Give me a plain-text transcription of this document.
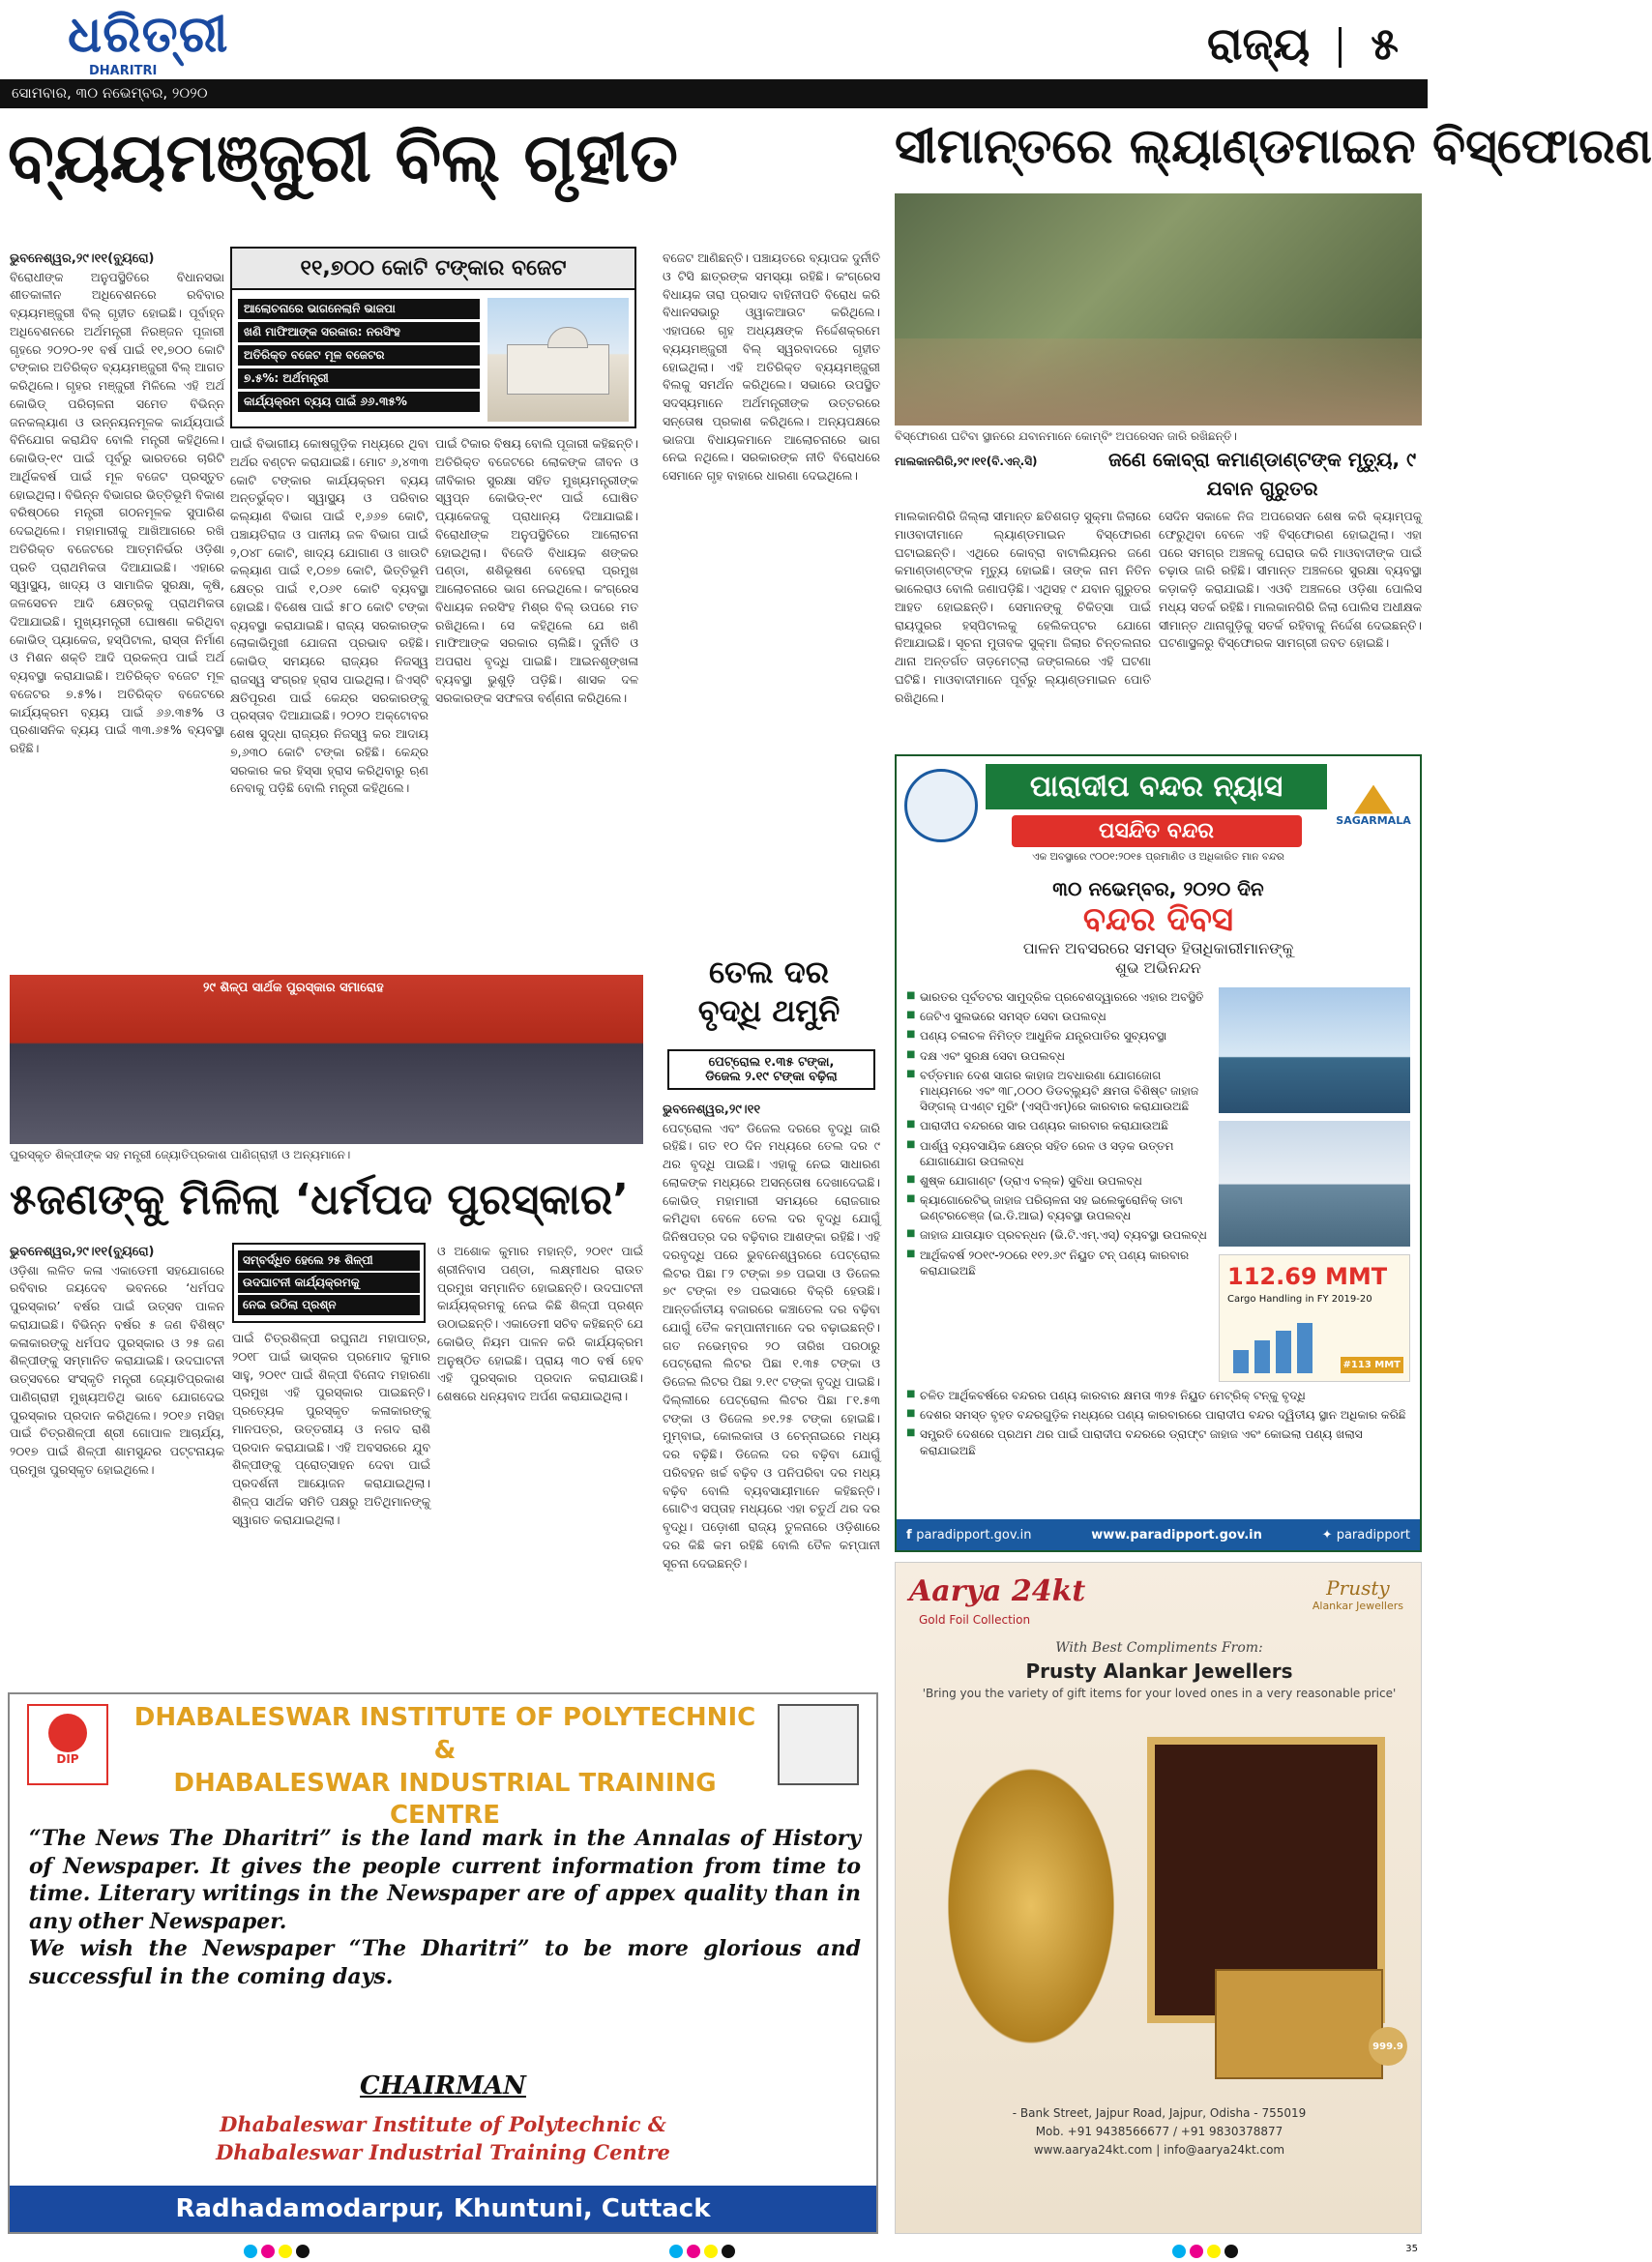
ଧରିତ୍ରୀ
DHARITRI
ରାଜ୍ୟ ୫
ସୋମବାର, ୩୦ ନଭେମ୍ବର, ୨୦୨୦
ବ୍ୟୟମଞ୍ଜୁରୀ ବିଲ୍ ଗୃହୀତ
ଭୁବନେଶ୍ୱର,୨୯।୧୧(ବ୍ୟୁରୋ)
ବିରୋଧୀଙ୍କ ଅନୁପସ୍ଥିତିରେ ବିଧାନସଭା ଶୀତକାଳୀନ ଅଧିବେଶନରେ ରବିବାର ବ୍ୟୟମଞ୍ଜୁରୀ ବିଲ୍ ଗୃହୀତ ହୋଇଛି। ପୂର୍ବାହ୍ନ ଅଧିବେଶନରେ ଅର୍ଥମନ୍ତ୍ରୀ ନିରଞ୍ଜନ ପୂଜାରୀ ଗୃହରେ ୨୦୨୦-୨୧ ବର୍ଷ ପାଇଁ ୧୧,୭୦୦ କୋଟି ଟଙ୍କାର ଅତିରିକ୍ତ ବ୍ୟୟମଞ୍ଜୁରୀ ବିଲ୍ ଆଗତ କରିଥିଲେ। ଗୃହର ମଞ୍ଜୁରୀ ମିଳିଲେ ଏହି ଅର୍ଥ କୋଭିଡ୍ ପରିଚାଳନା ସମେତ ବିଭିନ୍ନ ଜନକଲ୍ୟାଣ ଓ ଉନ୍ନୟନମୂଳକ କାର୍ଯ୍ୟପାଇଁ ବିନିଯୋଗ କରାଯିବ ବୋଲି ମନ୍ତ୍ରୀ କହିଥିଲେ। କୋଭିଡ୍-୧୯ ପାଇଁ ପୂର୍ବରୁ ଭାରତରେ ଚାରିଟି ଆର୍ଥିକବର୍ଷ ପାଇଁ ମୂଳ ବଜେଟ ପ୍ରସ୍ତୁତ ହୋଇଥିଲା। ବିଭିନ୍ନ ବିଭାଗର ଭିତ୍ତିଭୂମି ବିକାଶ ବରିଷ୍ଠରେ ମନ୍ତ୍ରୀ ଗଠନମୂଳକ ସୁପାରିଶ ଦେଇଥିଲେ। ମହାମାରୀକୁ ଆଖିଆଗରେ ରଖି ଅତିରିକ୍ତ ବଜେଟରେ ଆତ୍ମନିର୍ଭର ଓଡ଼ିଶା ପ୍ରତି ପ୍ରାଥମିକତା ଦିଆଯାଇଛି। ଏହାରେ ସ୍ୱାସ୍ଥ୍ୟ, ଖାଦ୍ୟ ଓ ସାମାଜିକ ସୁରକ୍ଷା, କୃଷି, ଜଳସେଚନ ଆଦି କ୍ଷେତ୍ରକୁ ପ୍ରାଥମିକତା ଦିଆଯାଇଛି। ମୁଖ୍ୟମନ୍ତ୍ରୀ ଘୋଷଣା କରିଥିବା କୋଭିଡ୍ ପ୍ୟାକେଜ, ହସ୍ପିଟାଲ, ରାସ୍ତା ନିର୍ମାଣ ଓ ମିଶନ ଶକ୍ତି ଆଦି ପ୍ରକଳ୍ପ ପାଇଁ ଅର୍ଥ ବ୍ୟବସ୍ଥା କରାଯାଇଛି। ଅତିରିକ୍ତ ବଜେଟ ମୂଳ ବଜେଟର ୭.୫%। ଅତିରିକ୍ତ ବଜେଟରେ କାର୍ଯ୍ୟକ୍ରମ ବ୍ୟୟ ପାଇଁ ୬୬.୩୫% ଓ ପ୍ରଶାସନିକ ବ୍ୟୟ ପାଇଁ ୩୩.୬୫% ବ୍ୟବସ୍ଥା ରହିଛି।
୧୧,୭୦୦ କୋଟି ଟଙ୍କାର ବଜେଟ
ଆଲୋଚନାରେ ଭାଗନେଲାନି ଭାଜପା
ଖଣି ମାଫିଆଙ୍କ ସରକାର: ନରସିଂହ
ଅତିରିକ୍ତ ବଜେଟ ମୂଳ ବଜେଟର
୭.୫%: ଅର୍ଥମନ୍ତ୍ରୀ
କାର୍ଯ୍ୟକ୍ରମ ବ୍ୟୟ ପାଇଁ ୬୬.୩୫%
ପାଇଁ ବିଭାଗୀୟ କୋଷଗୁଡ଼ିକ ମଧ୍ୟରେ ଥିବା ଅର୍ଥର ବଣ୍ଟନ କରାଯାଇଛି। ମୋଟ ୬,୪୩୩ କୋଟି ଟଙ୍କାର କାର୍ଯ୍ୟକ୍ରମ ବ୍ୟୟ ଅନ୍ତର୍ଭୁକ୍ତ। ସ୍ୱାସ୍ଥ୍ୟ ଓ ପରିବାର କଲ୍ୟାଣ ବିଭାଗ ପାଇଁ ୧,୬୬୭ କୋଟି, ପଞ୍ଚାୟତିରାଜ ଓ ପାନୀୟ ଜଳ ବିଭାଗ ପାଇଁ ୨,୦୪୮ କୋଟି, ଖାଦ୍ୟ ଯୋଗାଣ ଓ ଖାଉଟି କଲ୍ୟାଣ ପାଇଁ ୧,୦୭୭ କୋଟି, ଭିତ୍ତିଭୂମି କ୍ଷେତ୍ର ପାଇଁ ୧,୦୬୧ କୋଟି ବ୍ୟବସ୍ଥା ହୋଇଛି। ବିଶେଷ ପାଇଁ ୫୮୦ କୋଟି ଟଙ୍କା ବ୍ୟବସ୍ଥା କରାଯାଇଛି। ରାଜ୍ୟ ସରକାରଙ୍କ ଲୋକାଭିମୁଖୀ ଯୋଜନା ପ୍ରଭାବ ରହିଛି। କୋଭିଡ୍ ସମୟରେ ରାଜ୍ୟର ନିଜସ୍ୱ ରାଜସ୍ୱ ସଂଗ୍ରହ ହ୍ରାସ ପାଇଥିଲା। ଜିଏସ୍ଟି କ୍ଷତିପୂରଣ ପାଇଁ କେନ୍ଦ୍ର ସରକାରଙ୍କୁ ପ୍ରସ୍ତାବ ଦିଆଯାଇଛି। ୨୦୨୦ ଅକ୍ଟୋବର ଶେଷ ସୁଦ୍ଧା ରାଜ୍ୟର ନିଜସ୍ୱ କର ଆଦାୟ ୭,୬୩୦ କୋଟି ଟଙ୍କା ରହିଛି। କେନ୍ଦ୍ର ସରକାର କର ହିସ୍ସା ହ୍ରାସ କରିଥିବାରୁ ଋଣ ନେବାକୁ ପଡ଼ିଛି ବୋଲି ମନ୍ତ୍ରୀ କହିଥିଲେ।
ପାଇଁ ଟିକାର ବିଷୟ ବୋଲି ପୂଜାରୀ କହିଛନ୍ତି। ଅତିରିକ୍ତ ବଜେଟରେ ଲୋକଙ୍କ ଜୀବନ ଓ ଜୀବିକାର ସୁରକ୍ଷା ସହିତ ମୁଖ୍ୟମନ୍ତ୍ରୀଙ୍କ ସ୍ୱପ୍ନ କୋଭିଡ୍-୧୯ ପାଇଁ ଘୋଷିତ ପ୍ୟାକେଜକୁ ପ୍ରାଧାନ୍ୟ ଦିଆଯାଇଛି। ବିରୋଧୀଙ୍କ ଅନୁପସ୍ଥିତିରେ ଆଲୋଚନା ହୋଇଥିଲା। ବିଜେଡି ବିଧାୟକ ଶଙ୍କର ପଣ୍ଡା, ଶଶିଭୂଷଣ ବେହେରା ପ୍ରମୁଖ ଆଲୋଚନାରେ ଭାଗ ନେଇଥିଲେ। କଂଗ୍ରେସ ବିଧାୟକ ନରସିଂହ ମିଶ୍ର ବିଲ୍ ଉପରେ ମତ ରଖିଥିଲେ। ସେ କହିଥିଲେ ଯେ ଖଣି ମାଫିଆଙ୍କ ସରକାର ଚାଲିଛି। ଦୁର୍ନୀତି ଓ ଅପରାଧ ବୃଦ୍ଧି ପାଇଛି। ଆଇନଶୃଙ୍ଖଳା ବ୍ୟବସ୍ଥା ଭୁଶୁଡ଼ି ପଡ଼ିଛି। ଶାସକ ଦଳ ସରକାରଙ୍କ ସଫଳତା ବର୍ଣ୍ଣନା କରିଥିଲେ।
ବଜେଟ ଆଣିଛନ୍ତି। ପଞ୍ଚାୟତରେ ବ୍ୟାପକ ଦୁର୍ନୀତି ଓ ଟିସି ଛାତ୍ରଙ୍କ ସମସ୍ୟା ରହିଛି। କଂଗ୍ରେସ ବିଧାୟକ ତାରା ପ୍ରସାଦ ବାହିନୀପତି ବିରୋଧ କରି ବିଧାନସଭାରୁ ଓ୍ୱାକଆଉଟ କରିଥିଲେ। ଏହାପରେ ଗୃହ ଅଧ୍ୟକ୍ଷଙ୍କ ନିର୍ଦ୍ଦେଶକ୍ରମେ ବ୍ୟୟମଞ୍ଜୁରୀ ବିଲ୍ ସ୍ୱରବାଦରେ ଗୃହୀତ ହୋଇଥିଲା। ଏହି ଅତିରିକ୍ତ ବ୍ୟୟମଞ୍ଜୁରୀ ବିଲକୁ ସମର୍ଥନ କରିଥିଲେ। ସଭାରେ ଉପସ୍ଥିତ ସଦସ୍ୟମାନେ ଅର୍ଥମନ୍ତ୍ରୀଙ୍କ ଉତ୍ତରରେ ସନ୍ତୋଷ ପ୍ରକାଶ କରିଥିଲେ। ଅନ୍ୟପକ୍ଷରେ ଭାଜପା ବିଧାୟକମାନେ ଆଲୋଚନାରେ ଭାଗ ନେଇ ନଥିଲେ। ସରକାରଙ୍କ ନୀତି ବିରୋଧରେ ସେମାନେ ଗୃହ ବାହାରେ ଧାରଣା ଦେଇଥିଲେ।
ସୀମାନ୍ତରେ ଲ୍ୟାଣ୍ଡମାଇନ ବିସ୍ଫୋରଣ
ବିସ୍ଫୋରଣ ଘଟିବା ସ୍ଥାନରେ ଯବାନମାନେ କୋମ୍ବିଂ ଅପରେସନ ଜାରି ରଖିଛନ୍ତି।
ମାଲକାନଗିରି,୨୯।୧୧(ବି.ଏନ୍.ସି)	ଜଣେ କୋବ୍ରା କମାଣ୍ଡାଣ୍ଟଙ୍କ ମୃତ୍ୟୁ, ୯ ଯବାନ ଗୁରୁତର
ମାଲକାନଗିରି ଜିଲ୍ଲା ସୀମାନ୍ତ ଛତିଶଗଡ଼ ସୁକ୍ମା ଜିଲାରେ ମାଓବାଦୀମାନେ ଲ୍ୟାଣ୍ଡମାଇନ ବିସ୍ଫୋରଣ ଘଟାଇଛନ୍ତି। ଏଥିରେ କୋବ୍ରା ବାଟାଲିୟନର ଜଣେ କମାଣ୍ଡାଣ୍ଟଙ୍କ ମୃତ୍ୟୁ ହୋଇଛି। ତାଙ୍କ ନାମ ନିତିନ ଭାଲେରାଓ ବୋଲି ଜଣାପଡ଼ିଛି। ଏଥିସହ ୯ ଯବାନ ଗୁରୁତର ଆହତ ହୋଇଛନ୍ତି। ସେମାନଙ୍କୁ ଚିକିତ୍ସା ପାଇଁ ରାୟପୁରର ହସ୍ପିଟାଲକୁ ହେଲିକପ୍ଟର ଯୋଗେ ନିଆଯାଇଛି। ସୂଚନା ମୁତାବକ ସୁକ୍ମା ଜିଲାର ଚିନ୍ତଲନାର ଥାନା ଅନ୍ତର୍ଗତ ତାଡ଼ମେଟ୍ଲା ଜଙ୍ଗଲରେ ଏହି ଘଟଣା ଘଟିଛି। ମାଓବାଦୀମାନେ ପୂର୍ବରୁ ଲ୍ୟାଣ୍ଡମାଇନ ପୋତି ରଖିଥିଲେ।
ସେଦିନ ସକାଳେ ନିଜ ଅପରେସନ ଶେଷ କରି କ୍ୟାମ୍ପକୁ ଫେରୁଥିବା ବେଳେ ଏହି ବିସ୍ଫୋରଣ ହୋଇଥିଲା। ଏହା ପରେ ସମଗ୍ର ଅଞ୍ଚଳକୁ ଘେରାଉ କରି ମାଓବାଦୀଙ୍କ ପାଇଁ ଚଢ଼ାଉ ଜାରି ରହିଛି। ସୀମାନ୍ତ ଅଞ୍ଚଳରେ ସୁରକ୍ଷା ବ୍ୟବସ୍ଥା କଡ଼ାକଡ଼ି କରାଯାଇଛି। ଏଓବି ଅଞ୍ଚଳରେ ଓଡ଼ିଶା ପୋଲିସ ମଧ୍ୟ ସତର୍କ ରହିଛି। ମାଲକାନଗିରି ଜିଲା ପୋଲିସ ଅଧୀକ୍ଷକ ସୀମାନ୍ତ ଥାନାଗୁଡ଼ିକୁ ସତର୍କ ରହିବାକୁ ନିର୍ଦ୍ଦେଶ ଦେଇଛନ୍ତି। ଘଟଣାସ୍ଥଳରୁ ବିସ୍ଫୋରକ ସାମଗ୍ରୀ ଜବତ ହୋଇଛି।
ପାରାଦୀପ ବନ୍ଦର ନ୍ୟାସ
ପସନ୍ଦିତ ବନ୍ଦର	SAGARMALA
ଏକ ଅବସ୍ଥାରେ ୯୦୦୧:୨୦୧୫ ପ୍ରମାଣିତ ଓ ଅଧିକାରିତ ମାନ ବନ୍ଦର
୩୦ ନଭେମ୍ବର, ୨୦୨୦ ଦିନ
ବନ୍ଦର ଦିବସ
ପାଳନ ଅବସରରେ ସମସ୍ତ ହିତାଧିକାରୀମାନଙ୍କୁ
ଶୁଭ ଅଭିନନ୍ଦନ
■ ଭାରତର ପୂର୍ବତଟର ସାମୁଦ୍ରିକ ପ୍ରବେଶଦ୍ୱାରରେ ଏହାର ଅବସ୍ଥିତି
■ ଜେଟିଏ ସୁଲଭରେ ସମସ୍ତ ସେବା ଉପଲବ୍ଧ
■ ପଣ୍ୟ ଚଳାଚଳ ନିମିତ୍ତ ଆଧୁନିକ ଯନ୍ତ୍ରପାତିର ସୁବ୍ୟବସ୍ଥା
■ ଦକ୍ଷ ଏବଂ ସୁରକ୍ଷ ସେବା ଉପଲବ୍ଧ
■ ବର୍ତ୍ତମାନ ଦେଶ ସାଗର କାହାଜ ଅବଧାରଣା ଯୋଗଜୋଗ ମାଧ୍ୟମରେ ଏବଂ ୩୮,୦୦୦ ଡିଡବ୍ଲ୍ୟୁଟି କ୍ଷମତା ବିଶିଷ୍ଟ ଜାହାଜ ସିଙ୍ଗଲ୍ ପଏଣ୍ଟ ମୁରିଂ (ଏସ୍‌ପିଏମ୍)ରେ କାରବାର କରାଯାଉଅଛି
■ ପାରାଦୀପ ବନ୍ଦରରେ ସାର ପଣ୍ୟର କାରବାର କରାଯାଉଅଛି
■ ପାର୍ଶ୍ୱ ବ୍ୟବସାୟିକ କ୍ଷେତ୍ର ସହିତ ରେଳ ଓ ସଡ଼କ ଉତ୍ତମ ଯୋଗାଯୋଗ ଉପଲବ୍ଧ
■ ଶୁଷ୍କ ଯୋଗାଣ୍ଟ (ଡ୍ରାଏ ବଲ୍କ) ସୁବିଧା ଉପଲବ୍ଧ
■ କ୍ୟାଗୋରେଟିଭ୍ ଜାହାଜ ପରିଚାଳନା ସହ ଇଲେକ୍ଟ୍ରୋନିକ୍ ଡାଟା ଇଣ୍ଟରଚେଞ୍ଜ (ଇ.ଡି.ଆଇ) ବ୍ୟବସ୍ଥା ଉପଲବ୍ଧ
■ ଜାହାଜ ଯାତାୟାତ ପ୍ରବନ୍ଧନ (ଭି.ଟି.ଏମ୍.ଏସ୍) ବ୍ୟବସ୍ଥା ଉପଲବ୍ଧ
■ ଆର୍ଥିକବର୍ଷ ୨୦୧୯-୨୦ରେ ୧୧୨.୬୯ ନିୟୁତ ଟନ୍ ପଣ୍ୟ କାରବାର କରାଯାଇଅଛି	112.69 MMT
Cargo Handling in FY 2019-20
#113 MMT
■ ଚଳିତ ଆର୍ଥିକବର୍ଷରେ ବନ୍ଦରର ପଣ୍ୟ କାରବାର କ୍ଷମତା ୩୨୫ ନିୟୁତ ମେଟ୍ରିକ୍ ଟନ୍‌କୁ ବୃଦ୍ଧି
■ ଦେଶର ସମସ୍ତ ବୃହତ ବନ୍ଦରଗୁଡ଼ିକ ମଧ୍ୟରେ ପଣ୍ୟ କାରବାରରେ ପାରାଦୀପ ବନ୍ଦର ଦ୍ୱିତୀୟ ସ୍ଥାନ ଅଧିକାର କରିଛି
■ ସମ୍ପ୍ରତି ଦେଶରେ ପ୍ରଥମ ଥର ପାଇଁ ପାରାଦୀପ ବନ୍ଦରରେ ଡ୍ରାଫ୍ଟ ଜାହାଜ ଏବଂ କୋଇଲା ପଣ୍ୟ ଖଲାସ କରାଯାଇଅଛି
f paradipport.gov.in	www.paradipport.gov.in	✦ paradipport
୨୯ ଶିଳ୍ପ ସାର୍ଥକ ପୁରସ୍କାର ସମାରୋହ
ପୁରସ୍କୃତ ଶିଳ୍ପୀଙ୍କ ସହ ମନ୍ତ୍ରୀ ଜ୍ୟୋତିପ୍ରକାଶ ପାଣିଗ୍ରାହୀ ଓ ଅନ୍ୟମାନେ।
୫ଜଣଙ୍କୁ ମିଳିଲା ‘ଧର୍ମପଦ ପୁରସ୍କାର’
ଭୁବନେଶ୍ୱର,୨୯।୧୧(ବ୍ୟୁରୋ)
ଓଡ଼ିଶା ଲଳିତ କଳା ଏକାଡେମୀ ସହଯୋଗରେ ରବିବାର ଜୟଦେବ ଭବନରେ ‘ଧର୍ମପଦ ପୁରସ୍କାର’ ବର୍ଷର ପାଇଁ ଉତ୍ସବ ପାଳନ କରାଯାଇଛି। ବିଭିନ୍ନ ବର୍ଷର ୫ ଜଣ ବିଶିଷ୍ଟ କଳାକାରଙ୍କୁ ଧର୍ମପଦ ପୁରସ୍କାର ଓ ୨୫ ଜଣ ଶିଳ୍ପୀଙ୍କୁ ସମ୍ମାନିତ କରାଯାଇଛି। ଉଦଘାଟନୀ ଉତ୍ସବରେ ସଂସ୍କୃତି ମନ୍ତ୍ରୀ ଜ୍ୟୋତିପ୍ରକାଶ ପାଣିଗ୍ରାହୀ ମୁଖ୍ୟଅତିଥି ଭାବେ ଯୋଗଦେଇ ପୁରସ୍କାର ପ୍ରଦାନ କରିଥିଲେ। ୨୦୧୬ ମସିହା ପାଇଁ ଚିତ୍ରଶିଳ୍ପୀ ଶ୍ରୀ ଗୋପାଳ ଆଚାର୍ଯ୍ୟ, ୨୦୧୭ ପାଇଁ ଶିଳ୍ପୀ ଶାମସୁନ୍ଦର ପଟ୍ଟନାୟକ ପ୍ରମୁଖ ପୁରସ୍କୃତ ହୋଇଥିଲେ।
ସମ୍ବର୍ଦ୍ଧିତ ହେଲେ ୨୫ ଶିଳ୍ପୀ
ଉଦଘାଟନୀ କାର୍ଯ୍ୟକ୍ରମକୁ
ନେଇ ଉଠିଲା ପ୍ରଶ୍ନ
ପାଇଁ ଚିତ୍ରଶିଳ୍ପୀ ରଘୁନାଥ ମହାପାତ୍ର, ୨୦୧୮ ପାଇଁ ଭାସ୍କର ପ୍ରମୋଦ କୁମାର ସାହୁ, ୨୦୧୯ ପାଇଁ ଶିଳ୍ପୀ ବିନୋଦ ମହାରଣା ପ୍ରମୁଖ ଏହି ପୁରସ୍କାର ପାଇଛନ୍ତି। ପ୍ରତ୍ୟେକ ପୁରସ୍କୃତ କଳାକାରଙ୍କୁ ମାନପତ୍ର, ଉତ୍ତରୀୟ ଓ ନଗଦ ରାଶି ପ୍ରଦାନ କରାଯାଇଛି। ଏହି ଅବସରରେ ଯୁବ ଶିଳ୍ପୀଙ୍କୁ ପ୍ରୋତ୍ସାହନ ଦେବା ପାଇଁ ପ୍ରଦର୍ଶନୀ ଆୟୋଜନ କରାଯାଇଥିଲା। ଶିଳ୍ପ ସାର୍ଥକ ସମିତି ପକ୍ଷରୁ ଅତିଥିମାନଙ୍କୁ ସ୍ୱାଗତ କରାଯାଇଥିଲା।
ଓ ଅଶୋକ କୁମାର ମହାନ୍ତି, ୨୦୧୯ ପାଇଁ ଶ୍ରୀନିବାସ ପଣ୍ଡା, ଲକ୍ଷ୍ମୀଧର ରାଉତ ପ୍ରମୁଖ ସମ୍ମାନିତ ହୋଇଛନ୍ତି। ଉଦଘାଟନୀ କାର୍ଯ୍ୟକ୍ରମକୁ ନେଇ କିଛି ଶିଳ୍ପୀ ପ୍ରଶ୍ନ ଉଠାଇଛନ୍ତି। ଏକାଡେମୀ ସଚିବ କହିଛନ୍ତି ଯେ କୋଭିଡ୍ ନିୟମ ପାଳନ କରି କାର୍ଯ୍ୟକ୍ରମ ଅନୁଷ୍ଠିତ ହୋଇଛି। ପ୍ରାୟ ୩୦ ବର୍ଷ ହେବ ଏହି ପୁରସ୍କାର ପ୍ରଦାନ କରାଯାଉଛି। ଶେଷରେ ଧନ୍ୟବାଦ ଅର୍ପଣ କରାଯାଇଥିଲା।
ତେଲ ଦର
ବୃଦ୍ଧି ଥମୁନି
ପେଟ୍ରୋଲ ୧.୩୫ ଟଙ୍କା,
ଡିଜେଲ ୨.୧୯ ଟଙ୍କା ବଢ଼ିଲା
ଭୁବନେଶ୍ୱର,୨୯।୧୧
ପେଟ୍ରୋଲ ଏବଂ ଡିଜେଲ ଦରରେ ବୃଦ୍ଧି ଜାରି ରହିଛି। ଗତ ୧୦ ଦିନ ମଧ୍ୟରେ ତେଲ ଦର ୯ ଥର ବୃଦ୍ଧି ପାଇଛି। ଏହାକୁ ନେଇ ସାଧାରଣ ଲୋକଙ୍କ ମଧ୍ୟରେ ଅସନ୍ତୋଷ ଦେଖାଦେଇଛି। କୋଭିଡ୍ ମହାମାରୀ ସମୟରେ ରୋଜଗାର କମିଥିବା ବେଳେ ତେଲ ଦର ବୃଦ୍ଧି ଯୋଗୁଁ ଜିନିଷପତ୍ର ଦର ବଢ଼ିବାର ଆଶଙ୍କା ରହିଛି। ଏହି ଦରବୃଦ୍ଧି ପରେ ଭୁବନେଶ୍ୱରରେ ପେଟ୍ରୋଲ ଲିଟର ପିଛା ୮୨ ଟଙ୍କା ୭୭ ପଇସା ଓ ଡିଜେଲ ୭୯ ଟଙ୍କା ୧୭ ପଇସାରେ ବିକ୍ରି ହେଉଛି। ଆନ୍ତର୍ଜାତୀୟ ବଜାରରେ କଞ୍ଚାତେଲ ଦର ବଢ଼ିବା ଯୋଗୁଁ ତୈଳ କମ୍ପାନୀମାନେ ଦର ବଢ଼ାଇଛନ୍ତି। ଗତ ନଭେମ୍ବର ୨୦ ତାରିଖ ପରଠାରୁ ପେଟ୍ରୋଲ ଲିଟର ପିଛା ୧.୩୫ ଟଙ୍କା ଓ ଡିଜେଲ ଲିଟର ପିଛା ୨.୧୯ ଟଙ୍କା ବୃଦ୍ଧି ପାଇଛି। ଦିଲ୍ଲୀରେ ପେଟ୍ରୋଲ ଲିଟର ପିଛା ୮୧.୫୩ ଟଙ୍କା ଓ ଡିଜେଲ ୭୧.୨୫ ଟଙ୍କା ହୋଇଛି। ମୁମ୍ବାଇ, କୋଲକାତା ଓ ଚେନ୍ନାଇରେ ମଧ୍ୟ ଦର ବଢ଼ିଛି। ଡିଜେଲ ଦର ବଢ଼ିବା ଯୋଗୁଁ ପରିବହନ ଖର୍ଚ୍ଚ ବଢ଼ିବ ଓ ପନିପରିବା ଦର ମଧ୍ୟ ବଢ଼ିବ ବୋଲି ବ୍ୟବସାୟୀମାନେ କହିଛନ୍ତି। ଗୋଟିଏ ସପ୍ତାହ ମଧ୍ୟରେ ଏହା ଚତୁର୍ଥ ଥର ଦର ବୃଦ୍ଧି। ପଡ଼ୋଶୀ ରାଜ୍ୟ ତୁଳନାରେ ଓଡ଼ିଶାରେ ଦର କିଛି କମ ରହିଛି ବୋଲି ତୈଳ କମ୍ପାନୀ ସୂଚନା ଦେଇଛନ୍ତି।
DIP
DHABALESWAR INSTITUTE OF POLYTECHNIC
&
DHABALESWAR INDUSTRIAL TRAINING CENTRE
“The News The Dharitri” is the land mark in the Annalas of History of Newspaper. It gives the people current information from time to time. Literary writings in the Newspaper are of appex quality than in any other Newspaper.
We wish the Newspaper “The Dharitri” to be more glorious and successful in the coming days.
CHAIRMAN
Dhabaleswar Institute of Polytechnic &
Dhabaleswar Industrial Training Centre
Radhadamodarpur, Khuntuni, Cuttack
Aarya 24kt
Gold Foil Collection
Prusty
Alankar Jewellers
With Best Compliments From:
Prusty Alankar Jewellers
'Bring you the variety of gift items for your loved ones in a very reasonable price'
999.9
- Bank Street, Jajpur Road, Jajpur, Odisha - 755019
Mob. +91 9438566677 / +91 9830378877
www.aarya24kt.com | info@aarya24kt.com
35
